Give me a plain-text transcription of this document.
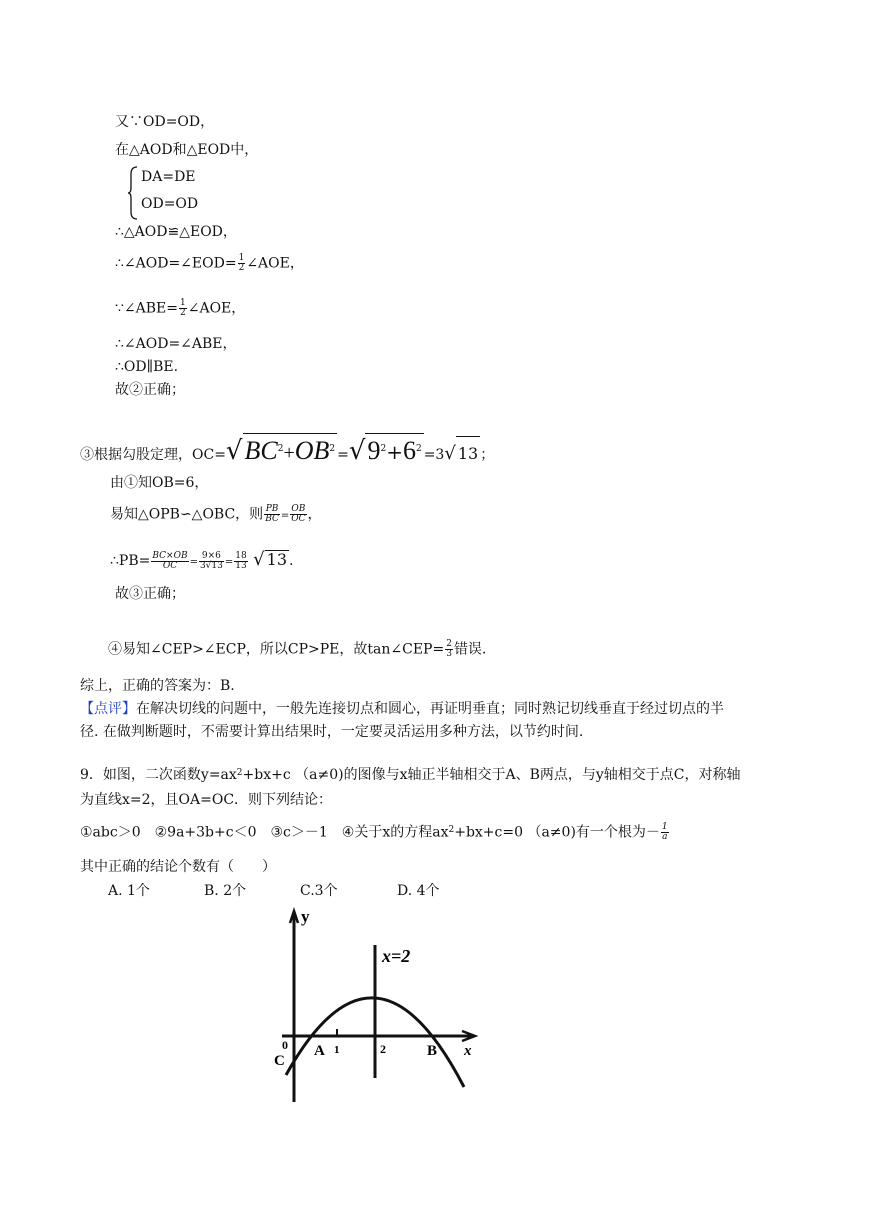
又∵OD=OD，
在△AOD和△EOD中，
DA=DE
OD=OD
∴△AOD≌△EOD，
∴∠AOD=∠EOD= $\frac{1}{2}$ ∠AOE，
∵∠ABE= $\frac{1}{2}$ ∠AOE，
∴∠AOD=∠ABE，
∴OD∥BE.
故②正确；
③根据勾股定理，$OC=√BC^2+OB^2 =√9^2+6^2 =3√$ 13 ；
由①知OB=6，
易知△OPB∽△OBC，则 $\frac{PB}{BC} = \frac{OB}{OC}$ ，
∴PB= $\frac{BC\times OB}{OC} = \frac{9\times 6}{3√13} = \frac{18}{13}$ √ 13 .
故③正确；
④易知∠CEP>∠ECP，所以CP>PE，故tan∠CEP= $\frac{2}{3}$ 错误.
综上，正确的答案为：B.
【点评】在解决切线的问题中，一般先连接切点和圆心，再证明垂直；同时熟记切线垂直于经过切点的半
径. 在做判断题时，不需要计算出结果时，一定要灵活运用多种方法，以节约时间.
9．如图，二次函数$y=ax^2+bx+c$ （a≠0)的图像与x轴正半轴相交于A、B两点，与y轴相交于点C，对称轴
为直线x=2，且OA=OC．则下列结论：
①abc＞0　②9a+3b+c＜0　③c＞－1　④关于x的方程$ax^2+bx+c=0$ （a≠0)有一个根为－ $\frac{1}{a}$
其中正确的结论个数有（　　）
A. 1个	B. 2个	C.3个	D. 4个
y
x
x=2
0
C
A 1	2	B
